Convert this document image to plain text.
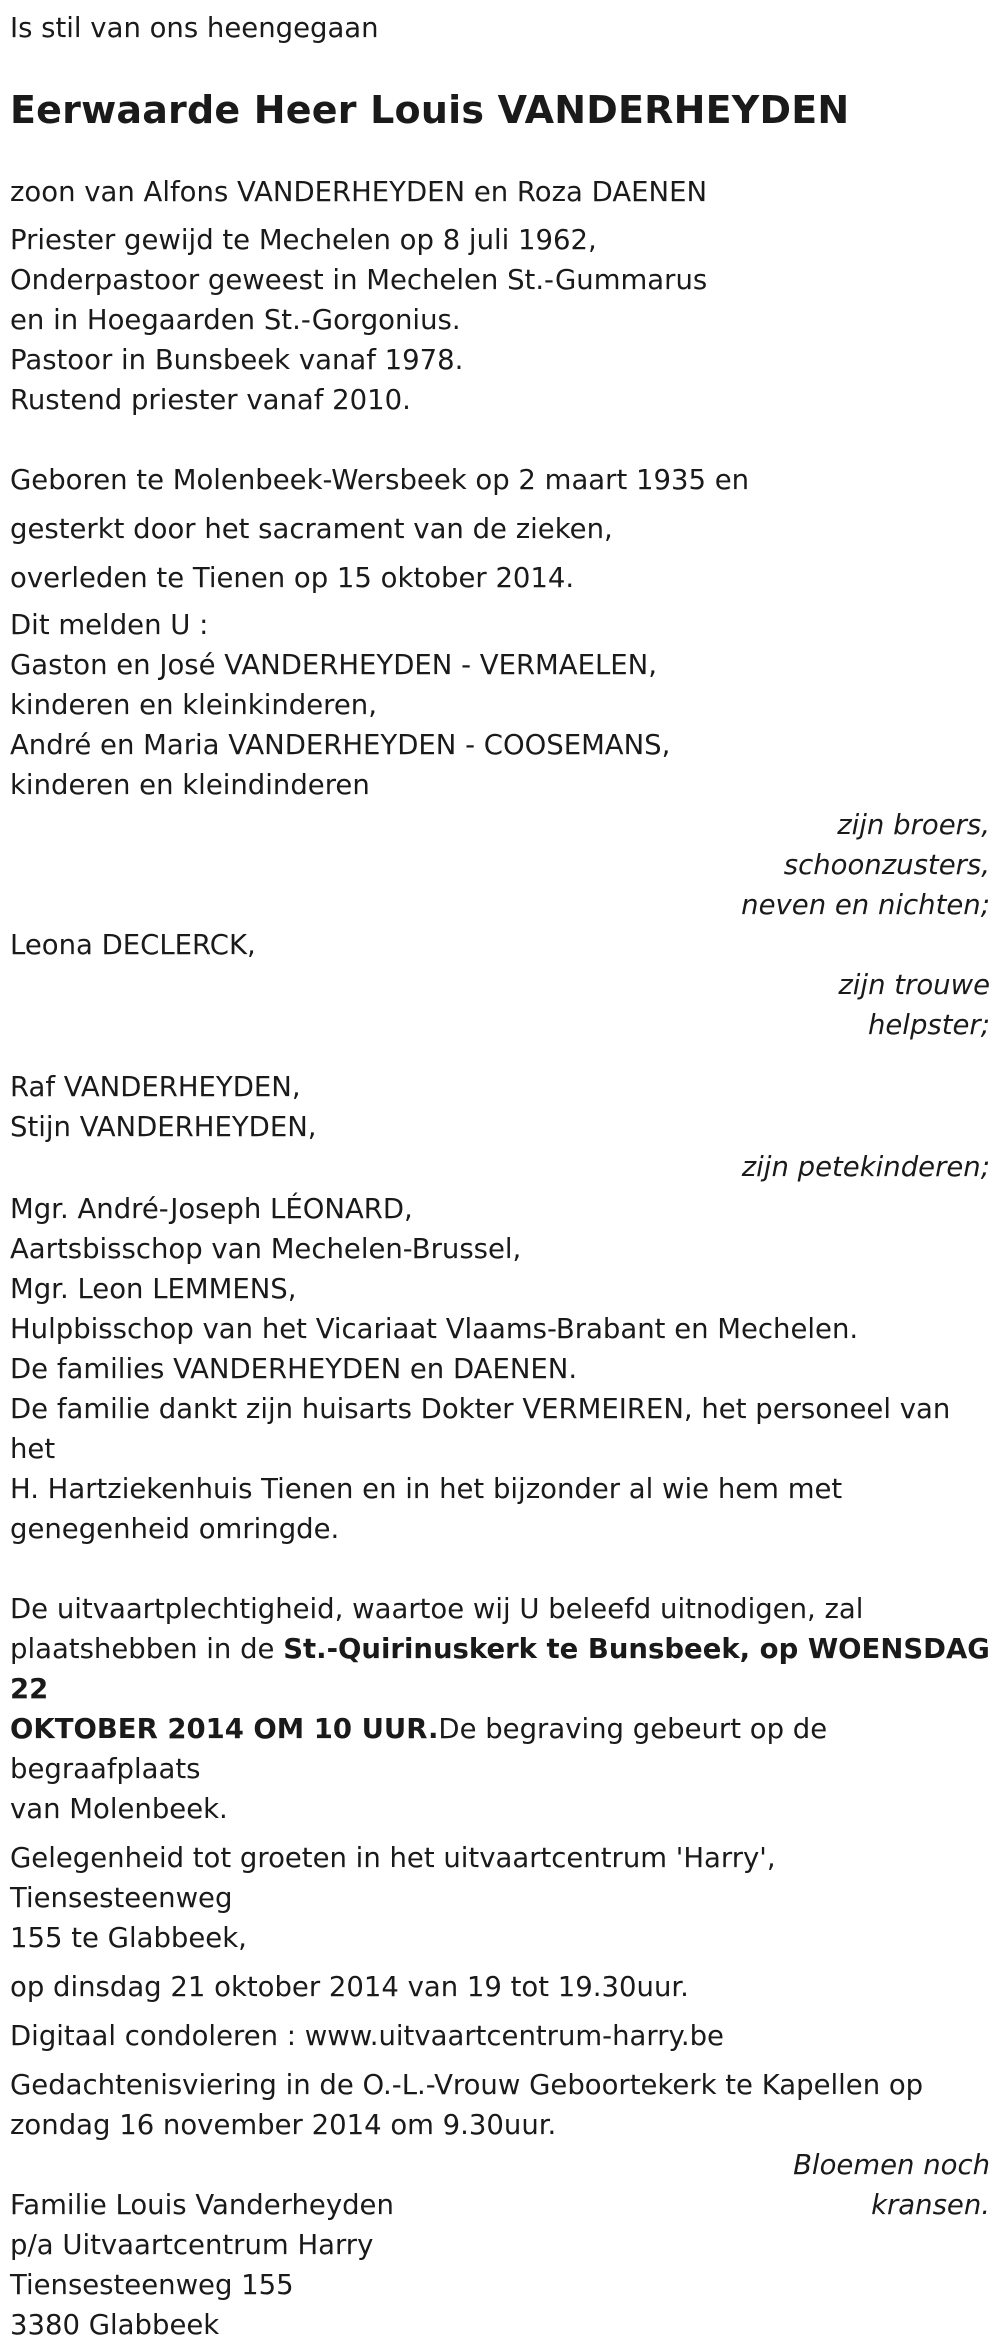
Is stil van ons heengegaan

Eerwaarde Heer Louis VANDERHEYDEN

zoon van Alfons VANDERHEYDEN en Roza DAENEN

Priester gewijd te Mechelen op 8 juli 1962,

Onderpastoor geweest in Mechelen St.-Gummarus

en in Hoegaarden St.-Gorgonius.

Pastoor in Bunsbeek vanaf 1978.

Rustend priester vanaf 2010.

Geboren te Molenbeek-Wersbeek op 2 maart 1935 en

gesterkt door het sacrament van de zieken,

overleden te Tienen op 15 oktober 2014.

Dit melden U :

Gaston en José VANDERHEYDEN - VERMAELEN,

kinderen en kleinkinderen,

André en Maria VANDERHEYDEN - COOSEMANS,

kinderen en kleindinderen

zijn broers,

schoonzusters,

neven en nichten;

Leona DECLERCK,

zijn trouwe

helpster;

Raf VANDERHEYDEN,

Stijn VANDERHEYDEN,

zijn petekinderen;

Mgr. André-Joseph LÉONARD,

Aartsbisschop van Mechelen-Brussel,

Mgr. Leon LEMMENS,

Hulpbisschop van het Vicariaat Vlaams-Brabant en Mechelen.

De families VANDERHEYDEN en DAENEN.

De familie dankt zijn huisarts Dokter VERMEIREN, het personeel van het

H. Hartziekenhuis Tienen en in het bijzonder al wie hem met

genegenheid omringde.

De uitvaartplechtigheid, waartoe wij U beleefd uitnodigen, zal

plaatshebben in de St.-Quirinuskerk te Bunsbeek, op WOENSDAG 22

OKTOBER 2014 OM 10 UUR.De begraving gebeurt op de begraafplaats

van Molenbeek.

Gelegenheid tot groeten in het uitvaartcentrum 'Harry', Tiensesteenweg

155 te Glabbeek,

op dinsdag 21 oktober 2014 van 19 tot 19.30uur.

Digitaal condoleren : www.uitvaartcentrum-harry.be

Gedachtenisviering in de O.-L.-Vrouw Geboortekerk te Kapellen op

zondag 16 november 2014 om 9.30uur.

Bloemen noch

kransen.

Familie Louis Vanderheyden

p/a Uitvaartcentrum Harry

Tiensesteenweg 155

3380 Glabbeek
